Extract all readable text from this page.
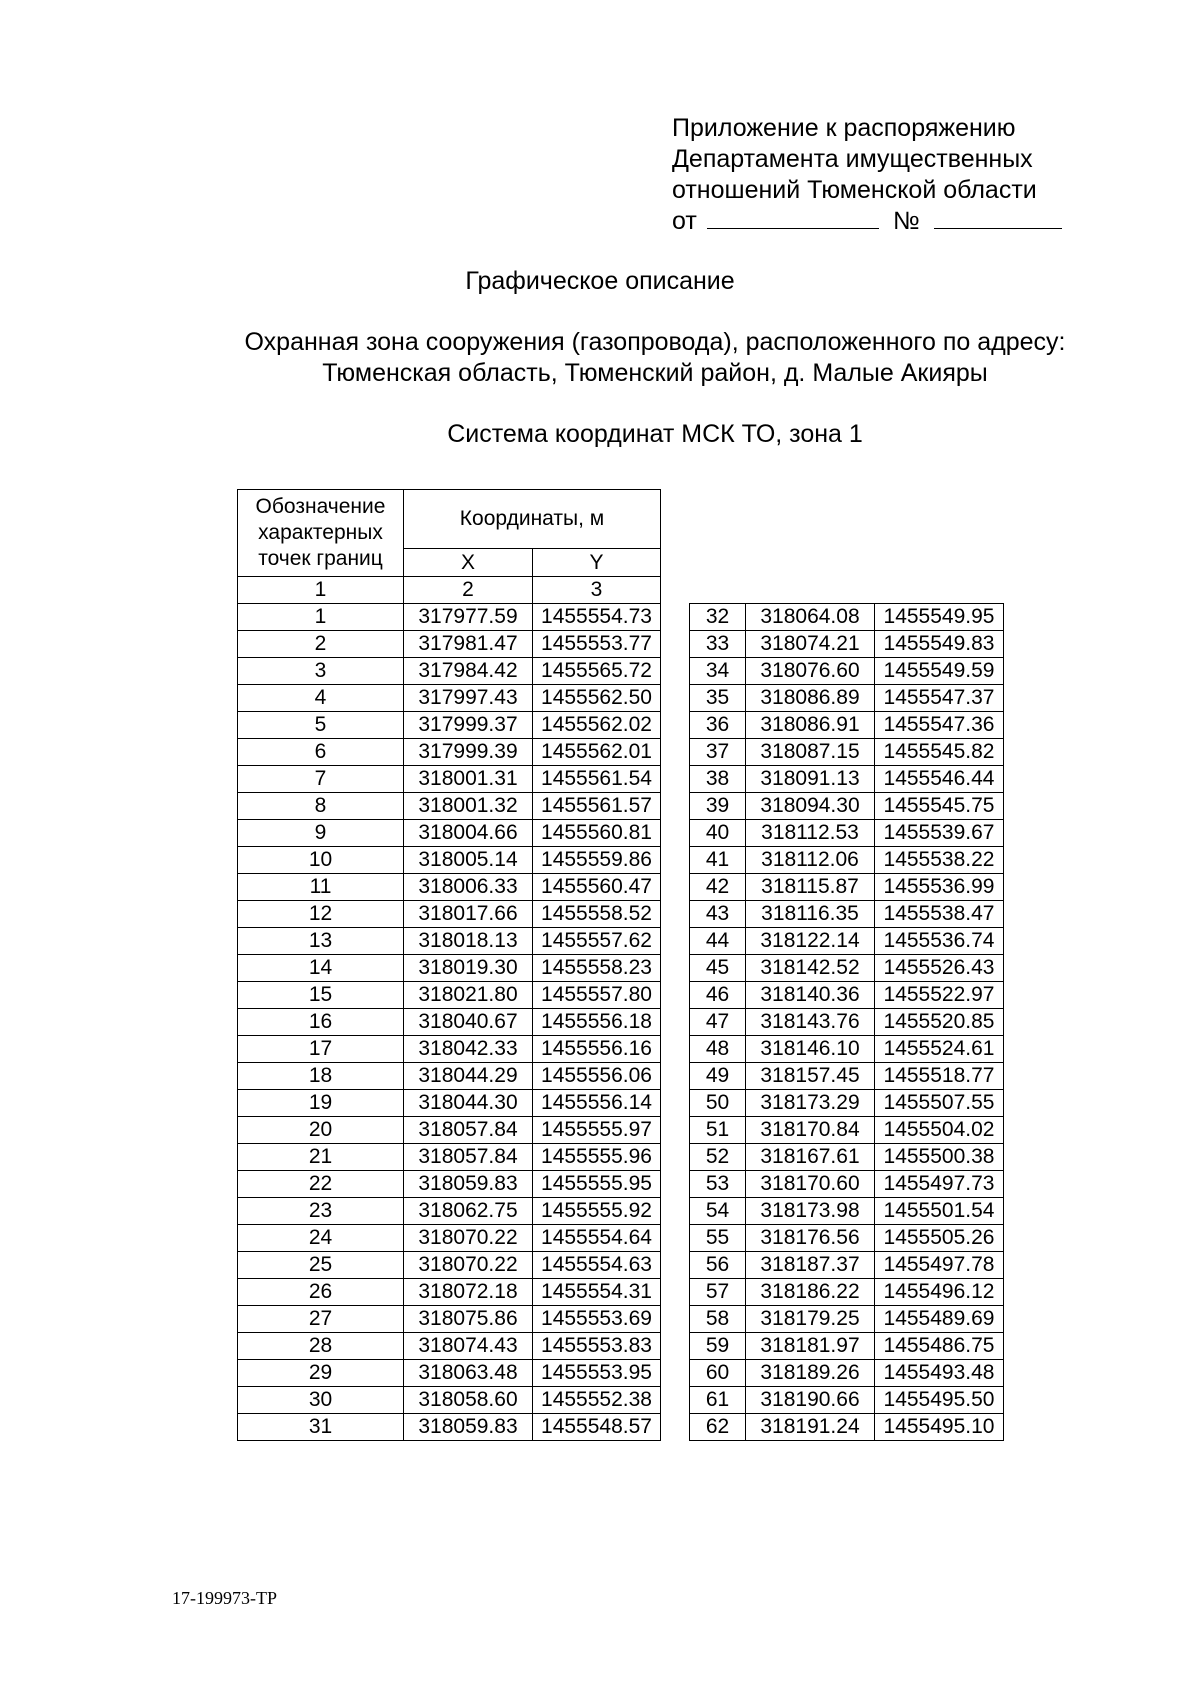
Приложение к распоряжению
Департамента имущественных
отношений Тюменской области
от	№
Графическое описание
Охранная зона сооружения (газопровода), расположенного по адресу:
Тюменская область, Тюменский район, д. Малые Акияры
Система координат МСК ТО, зона 1
Обозначение характерных точек границ	Координаты, м	
	X	Y
1	2	3
1	317977.59	1455554.73
2	317981.47	1455553.77
3	317984.42	1455565.72
4	317997.43	1455562.50
5	317999.37	1455562.02
6	317999.39	1455562.01
7	318001.31	1455561.54
8	318001.32	1455561.57
9	318004.66	1455560.81
10	318005.14	1455559.86
11	318006.33	1455560.47
12	318017.66	1455558.52
13	318018.13	1455557.62
14	318019.30	1455558.23
15	318021.80	1455557.80
16	318040.67	1455556.18
17	318042.33	1455556.16
18	318044.29	1455556.06
19	318044.30	1455556.14
20	318057.84	1455555.97
21	318057.84	1455555.96
22	318059.83	1455555.95
23	318062.75	1455555.92
24	318070.22	1455554.64
25	318070.22	1455554.63
26	318072.18	1455554.31
27	318075.86	1455553.69
28	318074.43	1455553.83
29	318063.48	1455553.95
30	318058.60	1455552.38
31	318059.83	1455548.57
32	318064.08	1455549.95
33	318074.21	1455549.83
34	318076.60	1455549.59
35	318086.89	1455547.37
36	318086.91	1455547.36
37	318087.15	1455545.82
38	318091.13	1455546.44
39	318094.30	1455545.75
40	318112.53	1455539.67
41	318112.06	1455538.22
42	318115.87	1455536.99
43	318116.35	1455538.47
44	318122.14	1455536.74
45	318142.52	1455526.43
46	318140.36	1455522.97
47	318143.76	1455520.85
48	318146.10	1455524.61
49	318157.45	1455518.77
50	318173.29	1455507.55
51	318170.84	1455504.02
52	318167.61	1455500.38
53	318170.60	1455497.73
54	318173.98	1455501.54
55	318176.56	1455505.26
56	318187.37	1455497.78
57	318186.22	1455496.12
58	318179.25	1455489.69
59	318181.97	1455486.75
60	318189.26	1455493.48
61	318190.66	1455495.50
62	318191.24	1455495.10
17-199973-ТР
